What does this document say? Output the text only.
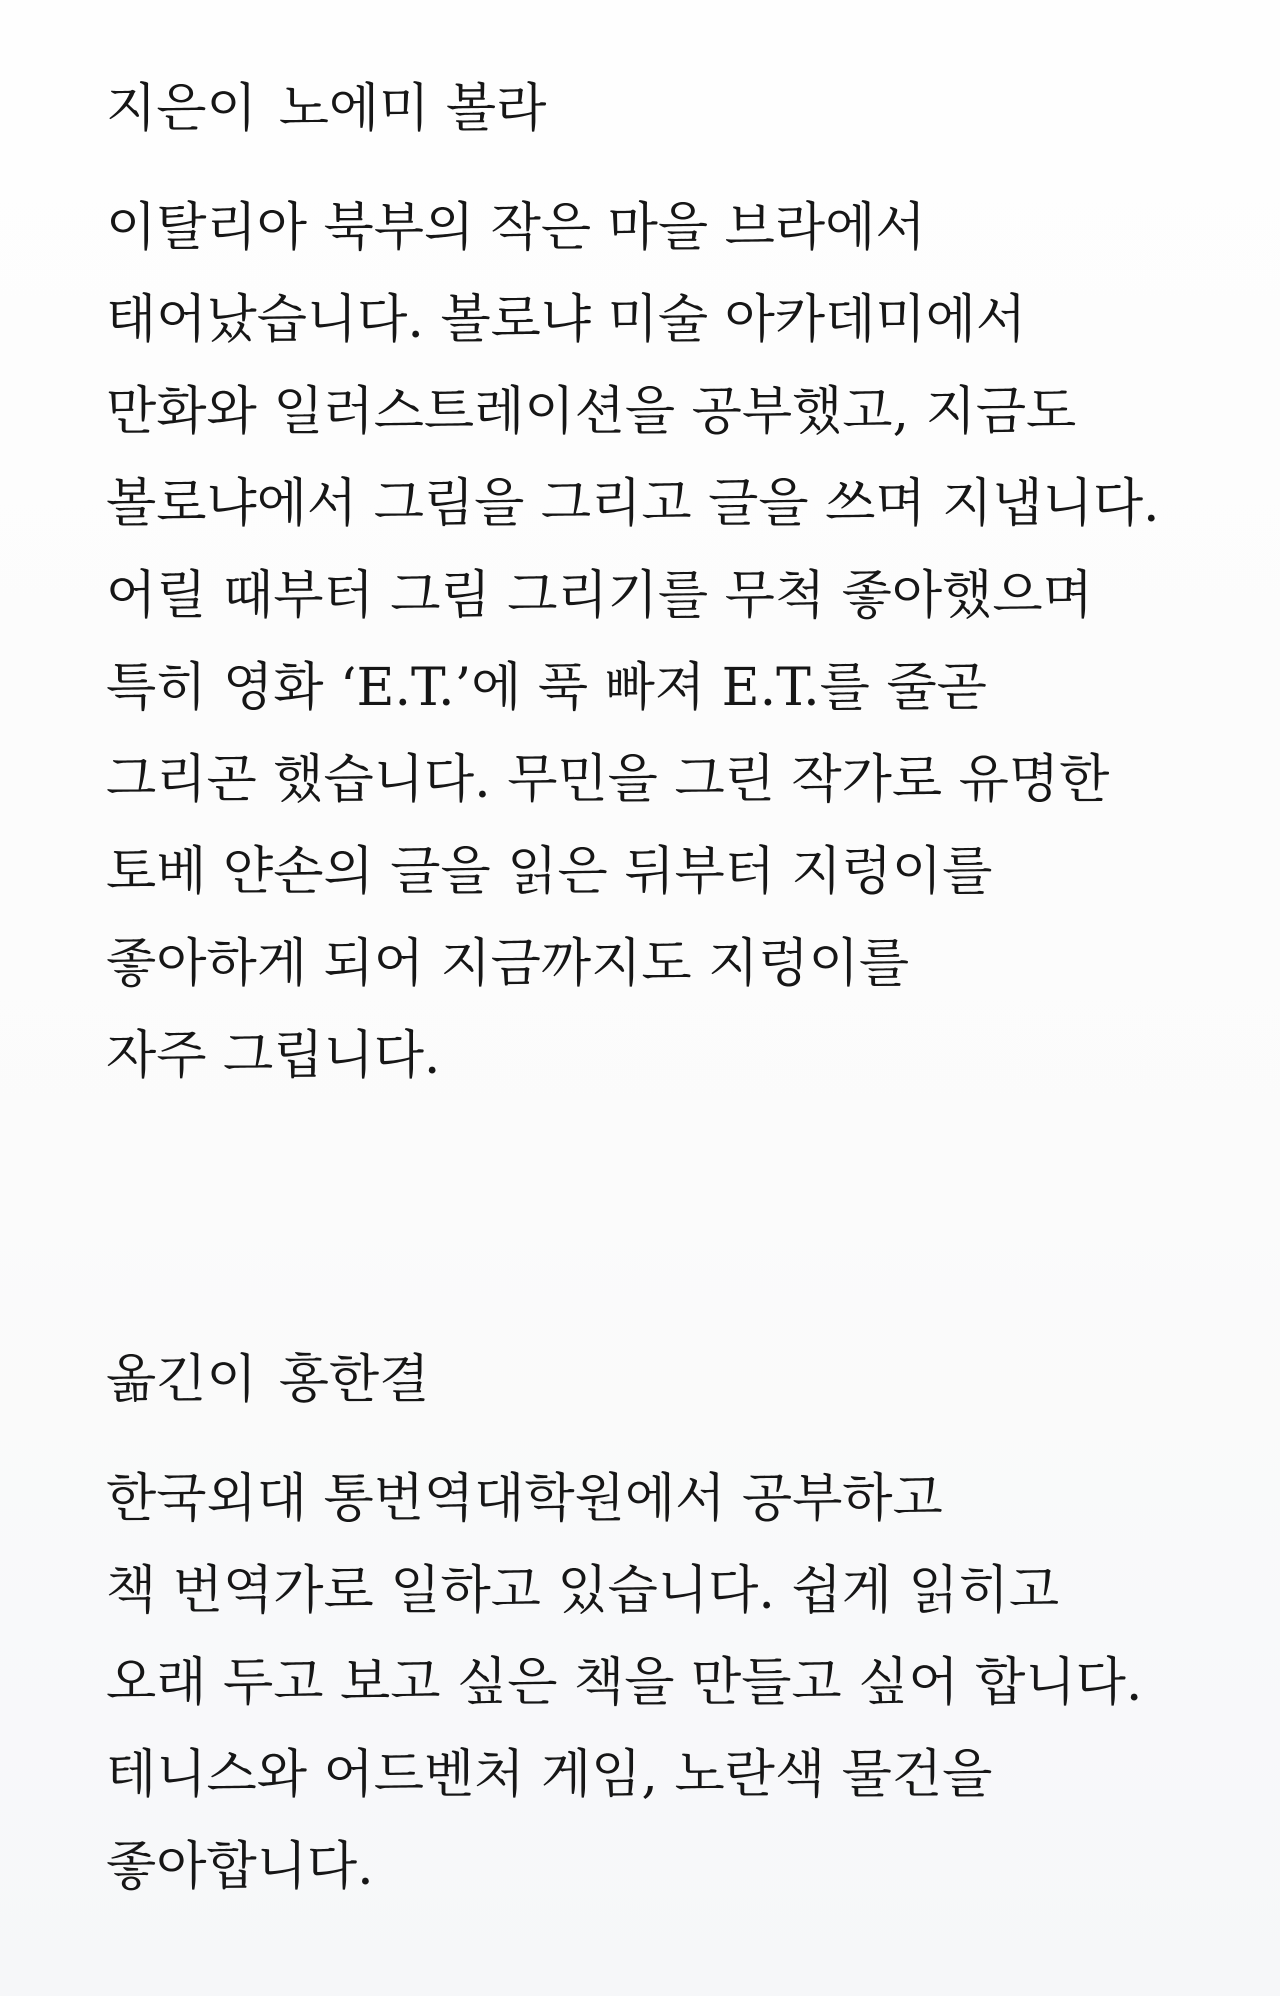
지은이 노에미 볼라

이탈리아 북부의 작은 마을 브라에서
태어났습니다. 볼로냐 미술 아카데미에서
만화와 일러스트레이션을 공부했고, 지금도
볼로냐에서 그림을 그리고 글을 쓰며 지냅니다.
어릴 때부터 그림 그리기를 무척 좋아했으며
특히 영화 ‘E.T.’에 푹 빠져 E.T.를 줄곧
그리곤 했습니다. 무민을 그린 작가로 유명한
토베 얀손의 글을 읽은 뒤부터 지렁이를
좋아하게 되어 지금까지도 지렁이를
자주 그립니다.

옮긴이 홍한결

한국외대 통번역대학원에서 공부하고
책 번역가로 일하고 있습니다. 쉽게 읽히고
오래 두고 보고 싶은 책을 만들고 싶어 합니다.
테니스와 어드벤처 게임, 노란색 물건을
좋아합니다.
